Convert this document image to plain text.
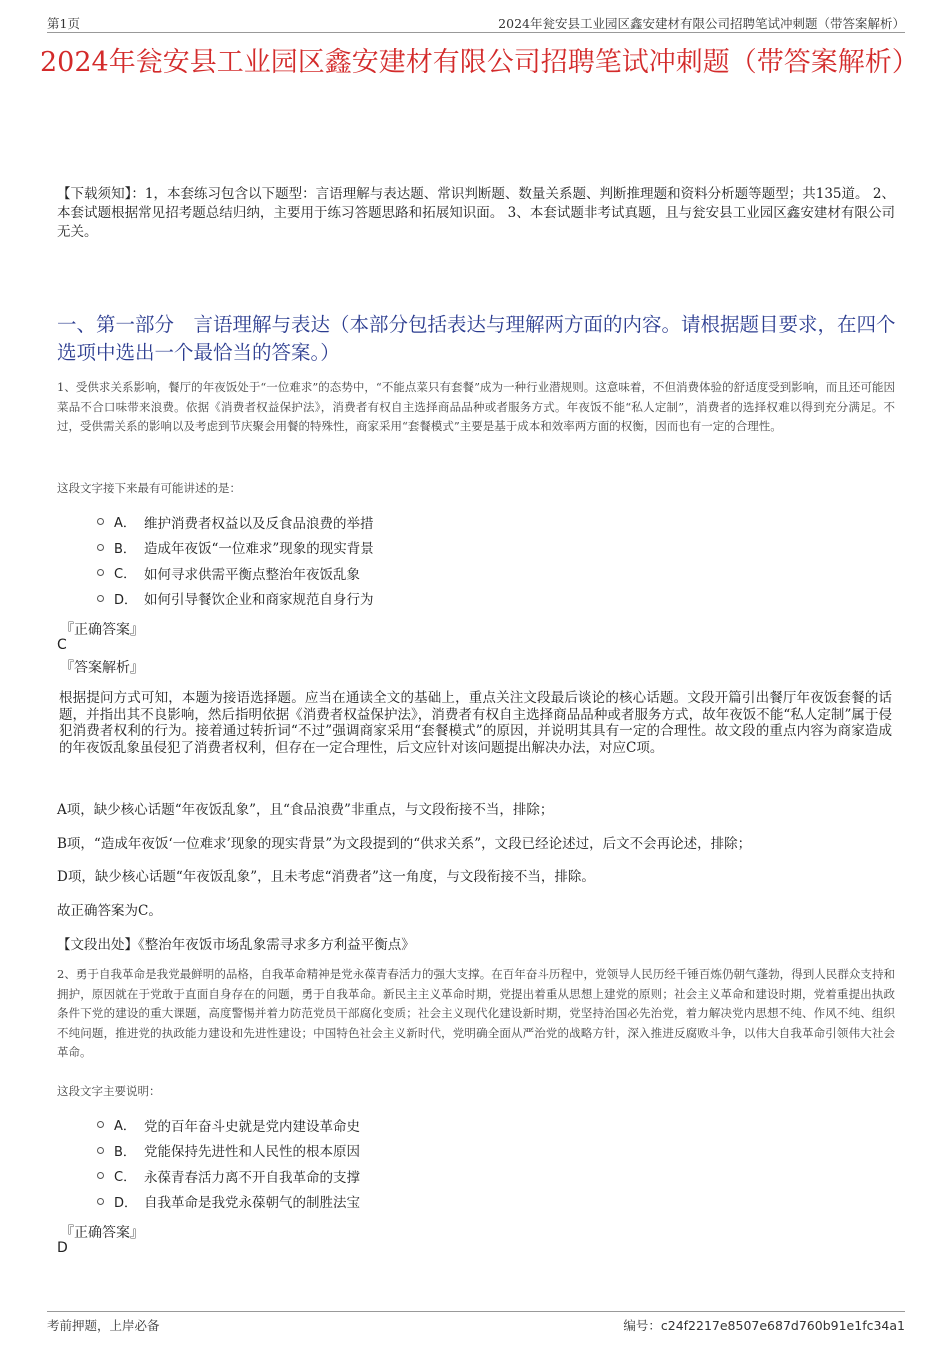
第1页	2024年瓮安县工业园区鑫安建材有限公司招聘笔试冲刺题（带答案解析）
2024年瓮安县工业园区鑫安建材有限公司招聘笔试冲刺题（带答案解析）
【下载须知】：1，本套练习包含以下题型：言语理解与表达题、常识判断题、数量关系题、判断推理题和资料分析题等题型；共135道。 2、本套试题根据常见招考题总结归纳，主要用于练习答题思路和拓展知识面。 3、本套试题非考试真题，且与瓮安县工业园区鑫安建材有限公司无关。
一、第一部分　言语理解与表达（本部分包括表达与理解两方面的内容。请根据题目要求，在四个选项中选出一个最恰当的答案。）
1、受供求关系影响，餐厅的年夜饭处于“一位难求”的态势中，“不能点菜只有套餐”成为一种行业潜规则。这意味着，不但消费体验的舒适度受到影响，而且还可能因菜品不合口味带来浪费。依据《消费者权益保护法》，消费者有权自主选择商品品种或者服务方式。年夜饭不能“私人定制”，消费者的选择权难以得到充分满足。不过，受供需关系的影响以及考虑到节庆聚会用餐的特殊性，商家采用“套餐模式”主要是基于成本和效率两方面的权衡，因而也有一定的合理性。
这段文字接下来最有可能讲述的是：
A． 维护消费者权益以及反食品浪费的举措
B． 造成年夜饭“一位难求”现象的现实背景
C． 如何寻求供需平衡点整治年夜饭乱象
D． 如何引导餐饮企业和商家规范自身行为
『正确答案』
C
『答案解析』
根据提问方式可知，本题为接语选择题。应当在通读全文的基础上，重点关注文段最后谈论的核心话题。文段开篇引出餐厅年夜饭套餐的话题，并指出其不良影响，然后指明依据《消费者权益保护法》，消费者有权自主选择商品品种或者服务方式，故年夜饭不能“私人定制”属于侵犯消费者权利的行为。接着通过转折词“不过”强调商家采用“套餐模式”的原因，并说明其具有一定的合理性。故文段的重点内容为商家造成的年夜饭乱象虽侵犯了消费者权利，但存在一定合理性，后文应针对该问题提出解决办法，对应C项。
A项，缺少核心话题“年夜饭乱象”，且“食品浪费”非重点，与文段衔接不当，排除；
B项，“造成年夜饭‘一位难求’现象的现实背景”为文段提到的“供求关系”，文段已经论述过，后文不会再论述，排除；
D项，缺少核心话题“年夜饭乱象”，且未考虑“消费者”这一角度，与文段衔接不当，排除。
故正确答案为C。
【文段出处】《整治年夜饭市场乱象需寻求多方利益平衡点》
2、勇于自我革命是我党最鲜明的品格，自我革命精神是党永葆青春活力的强大支撑。在百年奋斗历程中，党领导人民历经千锤百炼仍朝气蓬勃，得到人民群众支持和拥护，原因就在于党敢于直面自身存在的问题，勇于自我革命。新民主主义革命时期，党提出着重从思想上建党的原则；社会主义革命和建设时期，党着重提出执政条件下党的建设的重大课题，高度警惕并着力防范党员干部腐化变质；社会主义现代化建设新时期，党坚持治国必先治党，着力解决党内思想不纯、作风不纯、组织不纯问题，推进党的执政能力建设和先进性建设；中国特色社会主义新时代，党明确全面从严治党的战略方针，深入推进反腐败斗争，以伟大自我革命引领伟大社会革命。
这段文字主要说明：
A． 党的百年奋斗史就是党内建设革命史
B． 党能保持先进性和人民性的根本原因
C． 永葆青春活力离不开自我革命的支撑
D． 自我革命是我党永葆朝气的制胜法宝
『正确答案』
D
考前押题，上岸必备	编号：c24f2217e8507e687d760b91e1fc34a1
